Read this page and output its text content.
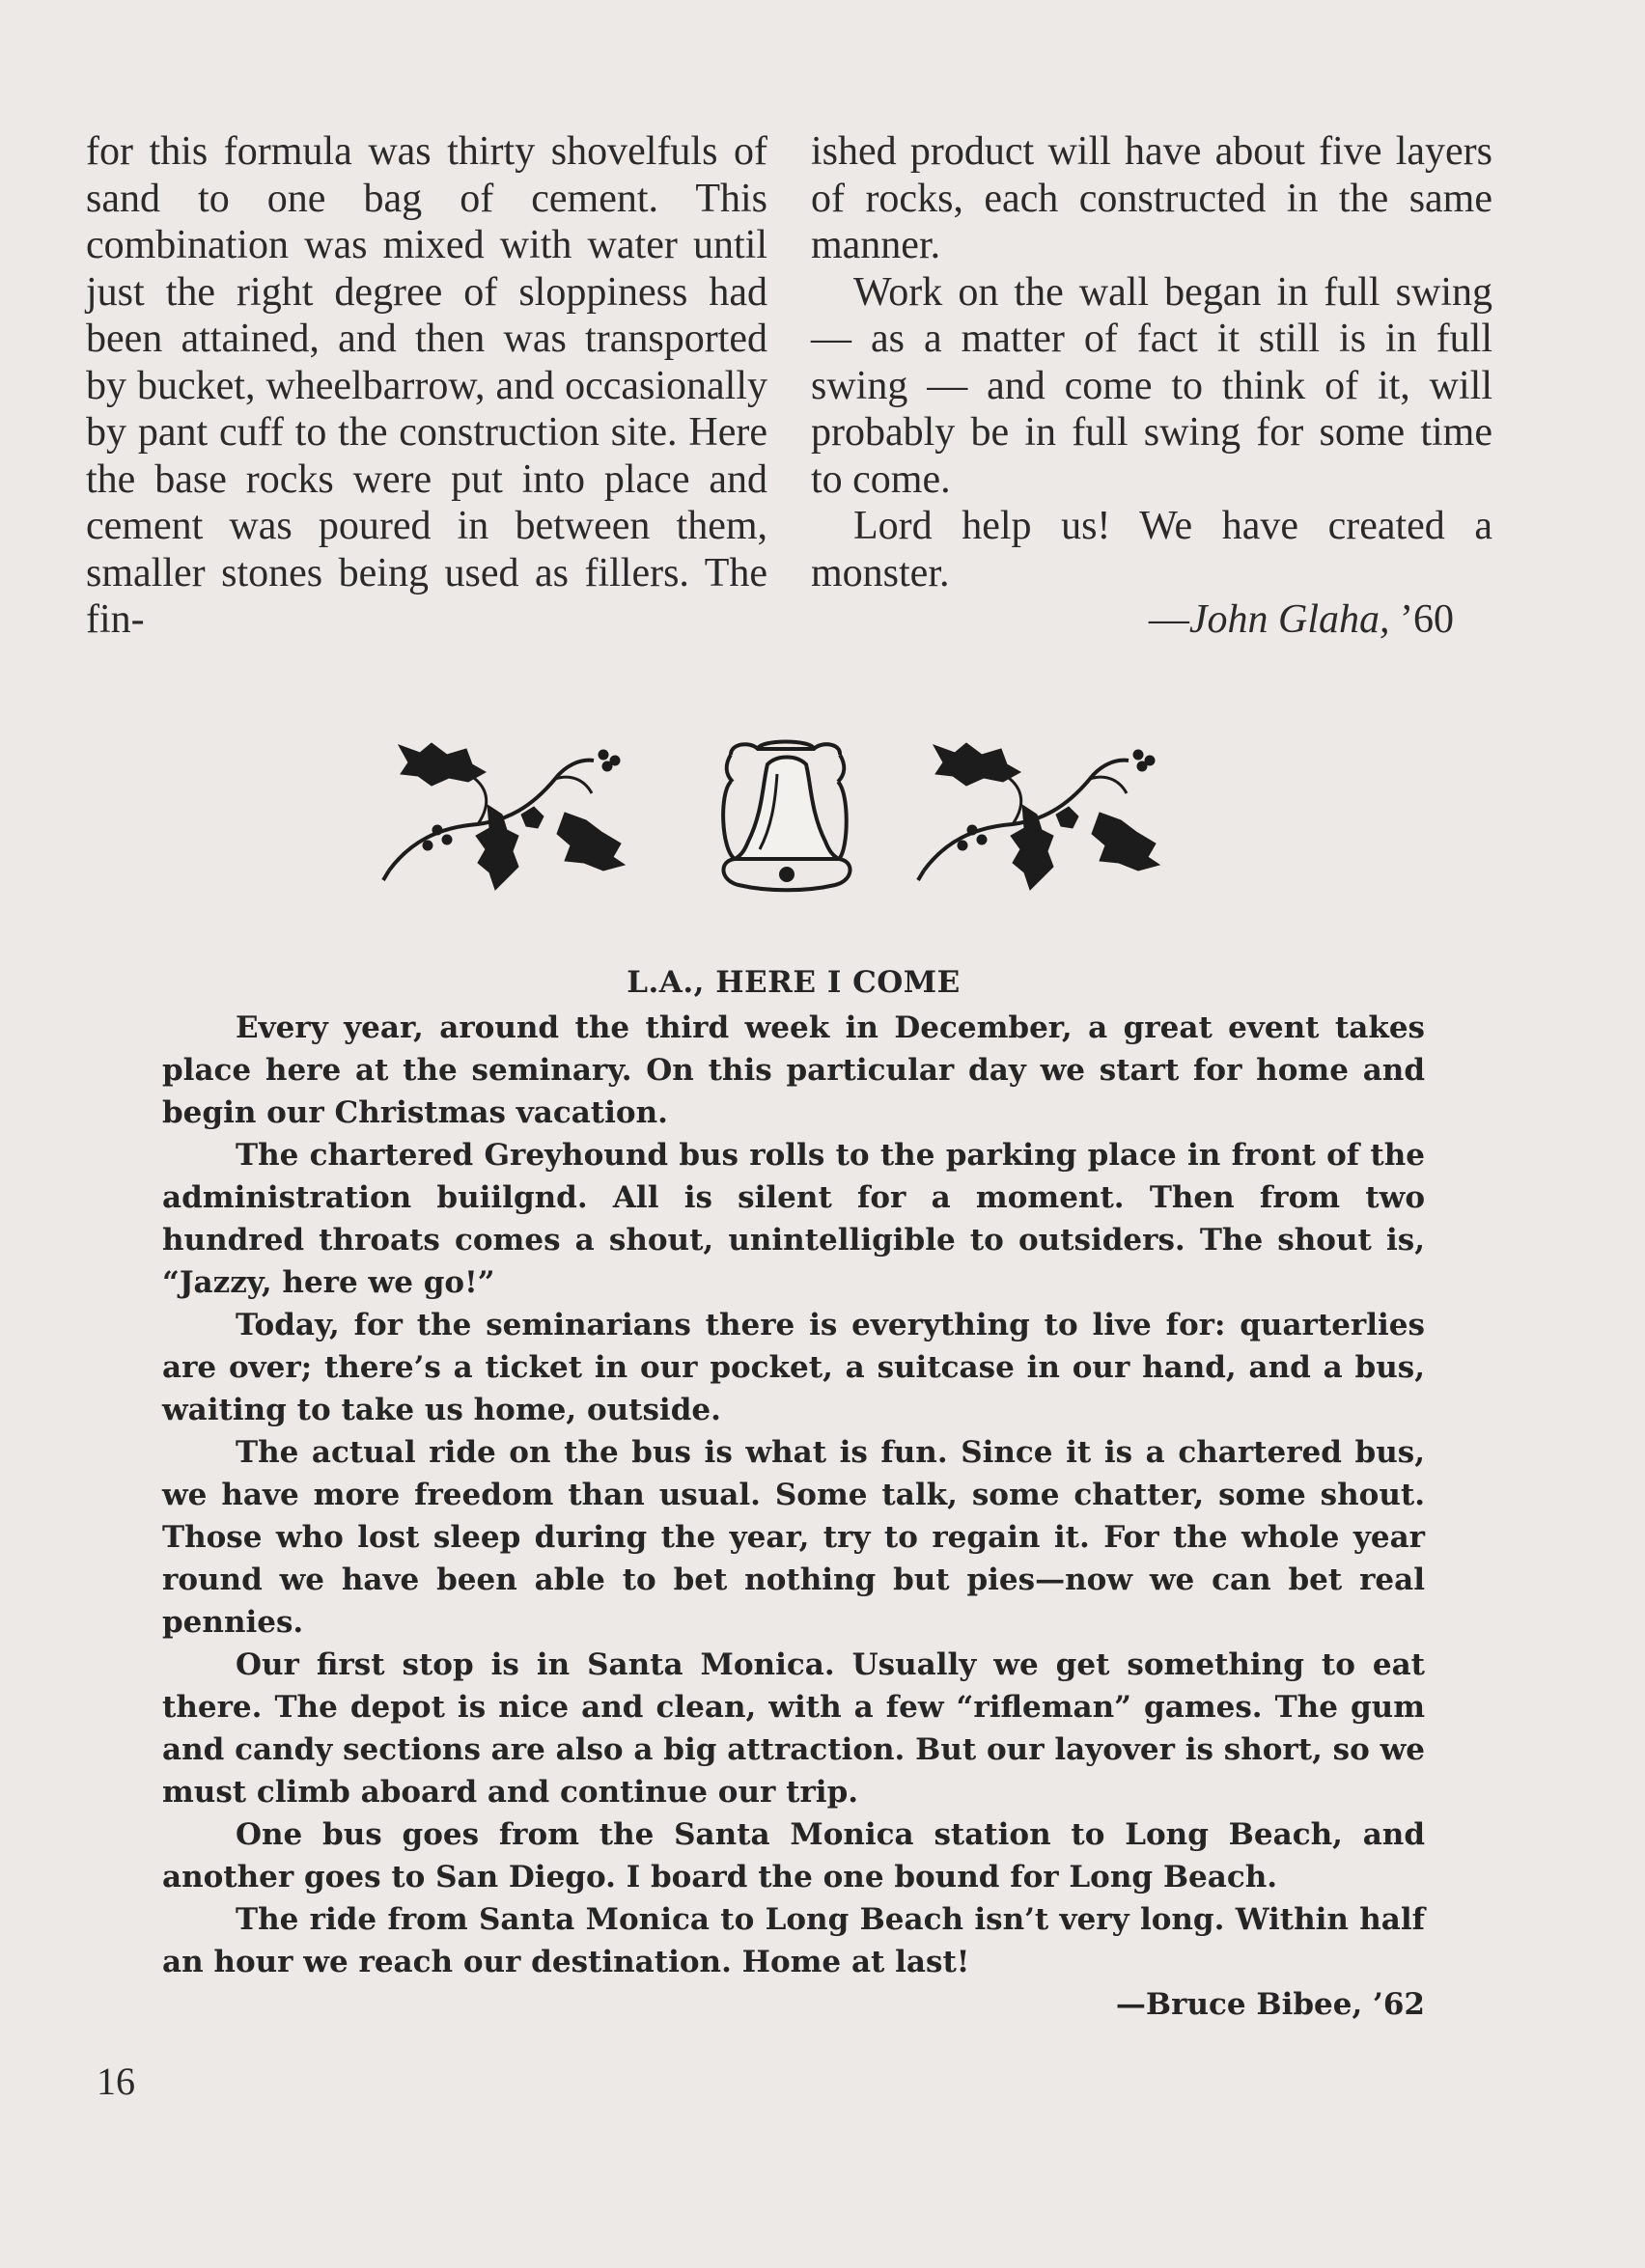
for this formula was thirty shovelfuls of sand to one bag of cement. This combination was mixed with water until just the right degree of sloppiness had been attained, and then was transported by bucket, wheelbarrow, and occasionally by pant cuff to the construction site. Here the base rocks were put into place and cement was poured in between them, smaller stones being used as fillers. The fin-

ished product will have about five layers of rocks, each constructed in the same manner.

Work on the wall began in full swing — as a matter of fact it still is in full swing — and come to think of it, will probably be in full swing for some time to come.

Lord help us! We have created a monster.

—John Glaha, ’60

L.A., HERE I COME

Every year, around the third week in December, a great event takes place here at the seminary. On this particular day we start for home and begin our Christmas vacation.

The chartered Greyhound bus rolls to the parking place in front of the administration buiilgnd. All is silent for a moment. Then from two hundred throats comes a shout, unintelligible to outsiders. The shout is, “Jazzy, here we go!”

Today, for the seminarians there is everything to live for: quarterlies are over; there’s a ticket in our pocket, a suitcase in our hand, and a bus, waiting to take us home, outside.

The actual ride on the bus is what is fun. Since it is a chartered bus, we have more freedom than usual. Some talk, some chatter, some shout. Those who lost sleep during the year, try to regain it. For the whole year round we have been able to bet nothing but pies—now we can bet real pennies.

Our first stop is in Santa Monica. Usually we get something to eat there. The depot is nice and clean, with a few “rifleman” games. The gum and candy sections are also a big attraction. But our layover is short, so we must climb aboard and continue our trip.

One bus goes from the Santa Monica station to Long Beach, and another goes to San Diego. I board the one bound for Long Beach.

The ride from Santa Monica to Long Beach isn’t very long. Within half an hour we reach our destination. Home at last!

—Bruce Bibee, ’62

16
